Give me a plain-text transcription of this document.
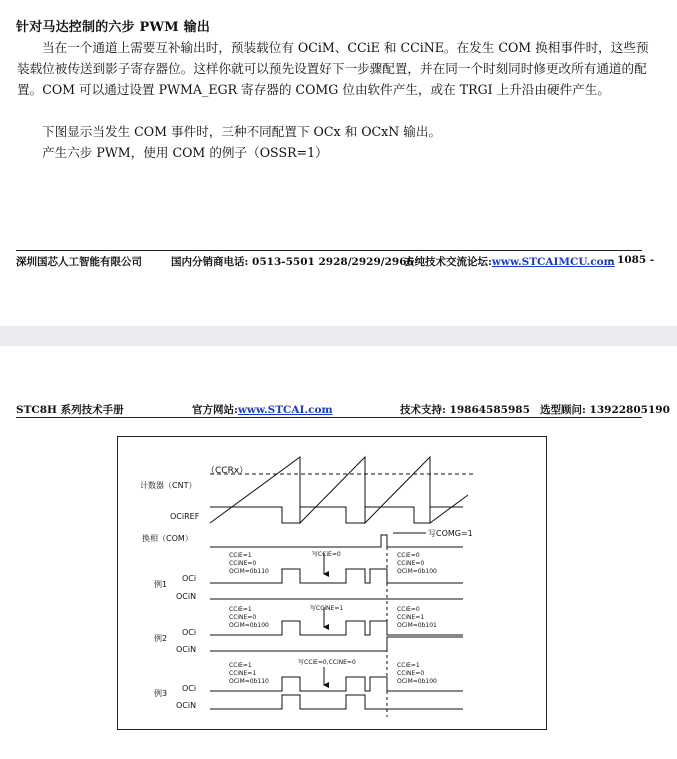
针对马达控制的六步 PWM 输出
当在一个通道上需要互补输出时，预装载位有 OCiM、CCiE 和 CCiNE。在发生 COM 换相事件时，这些预装载位被传送到影子寄存器位。这样你就可以预先设置好下一步骤配置，并在同一个时刻同时修更改所有通道的配置。COM 可以通过设置 PWMA_EGR 寄存器的 COMG 位由软件产生，或在 TRGI 上升沿由硬件产生。
下图显示当发生 COM 事件时，三种不同配置下 OCx 和 OCxN 输出。
产生六步 PWM，使用 COM 的例子（OSSR=1）
深圳国芯人工智能有限公司	国内分销商电话: 0513-5501 2928/2929/2966
去纯技术交流论坛:www.STCAIMCU.com
- 1085 -
STC8H 系列技术手册	官方网站:www.STCAI.com	技术支持: 19864585985 选型顾问: 13922805190
（CCRx）
计数器（CNT）
OCiREF
换相（COM）
写COMG=1
例1
OCi
OCiN
写CCiE=0
CCiE=1
CCiNE=0
OCiM=0b110
CCiE=0
CCiNE=0
OCiM=0b100
例2
OCi
OCiN
写CCiNE=1
CCiE=1
CCiNE=0
OCiM=0b100
CCiE=0
CCiNE=1
OCiM=0b101
例3
OCi
OCiN
写CCiE=0,CCiNE=0
CCiE=1
CCiNE=1
OCiM=0b110
CCiE=1
CCiNE=0
OCiM=0b100
